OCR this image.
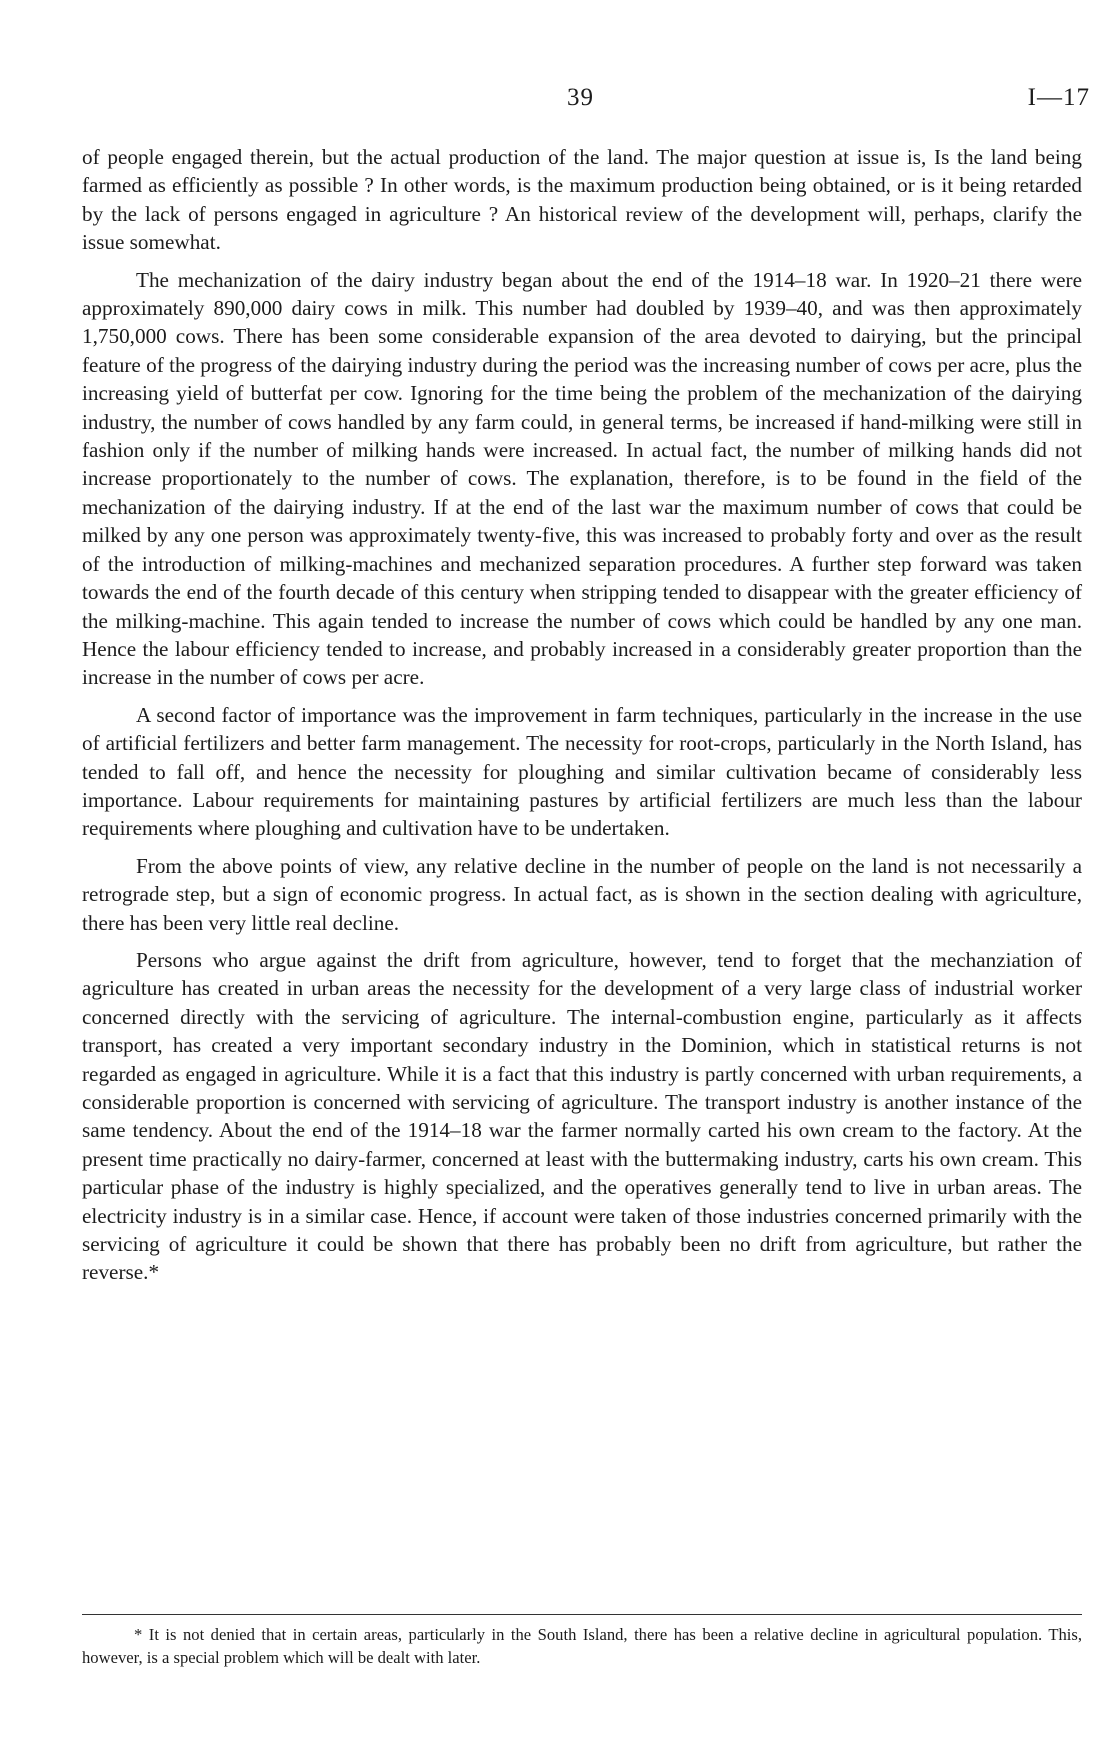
39	I—17

of people engaged therein, but the actual production of the land. The major question at issue is, Is the land being farmed as efficiently as possible ? In other words, is the maximum production being obtained, or is it being retarded by the lack of persons engaged in agriculture ? An historical review of the development will, perhaps, clarify the issue somewhat.

The mechanization of the dairy industry began about the end of the 1914–18 war. In 1920–21 there were approximately 890,000 dairy cows in milk. This number had doubled by 1939–40, and was then approximately 1,750,000 cows. There has been some considerable expansion of the area devoted to dairying, but the principal feature of the progress of the dairying industry during the period was the increasing number of cows per acre, plus the increasing yield of butterfat per cow. Ignoring for the time being the problem of the mechanization of the dairying industry, the number of cows handled by any farm could, in general terms, be increased if hand-milking were still in fashion only if the number of milking hands were increased. In actual fact, the number of milking hands did not increase proportionately to the number of cows. The explanation, therefore, is to be found in the field of the mechanization of the dairying industry. If at the end of the last war the maximum number of cows that could be milked by any one person was approximately twenty-five, this was increased to probably forty and over as the result of the introduction of milking-machines and mechanized separation procedures. A further step forward was taken towards the end of the fourth decade of this century when stripping tended to disappear with the greater efficiency of the milking-machine. This again tended to increase the number of cows which could be handled by any one man. Hence the labour efficiency tended to increase, and probably increased in a considerably greater proportion than the increase in the number of cows per acre.

A second factor of importance was the improvement in farm techniques, particularly in the increase in the use of artificial fertilizers and better farm management. The necessity for root-crops, particularly in the North Island, has tended to fall off, and hence the necessity for ploughing and similar cultivation became of considerably less importance. Labour requirements for maintaining pastures by artificial fertilizers are much less than the labour requirements where ploughing and cultivation have to be undertaken.

From the above points of view, any relative decline in the number of people on the land is not necessarily a retrograde step, but a sign of economic progress. In actual fact, as is shown in the section dealing with agriculture, there has been very little real decline.

Persons who argue against the drift from agriculture, however, tend to forget that the mechanziation of agriculture has created in urban areas the necessity for the development of a very large class of industrial worker concerned directly with the servicing of agriculture. The internal-combustion engine, particularly as it affects transport, has created a very important secondary industry in the Dominion, which in statistical returns is not regarded as engaged in agriculture. While it is a fact that this industry is partly concerned with urban requirements, a considerable proportion is concerned with servicing of agriculture. The transport industry is another instance of the same tendency. About the end of the 1914–18 war the farmer normally carted his own cream to the factory. At the present time practically no dairy-farmer, concerned at least with the buttermaking industry, carts his own cream. This particular phase of the industry is highly specialized, and the operatives generally tend to live in urban areas. The electricity industry is in a similar case. Hence, if account were taken of those industries concerned primarily with the servicing of agriculture it could be shown that there has probably been no drift from agriculture, but rather the reverse.*

* It is not denied that in certain areas, particularly in the South Island, there has been a relative decline in agricultural population. This, however, is a special problem which will be dealt with later.
